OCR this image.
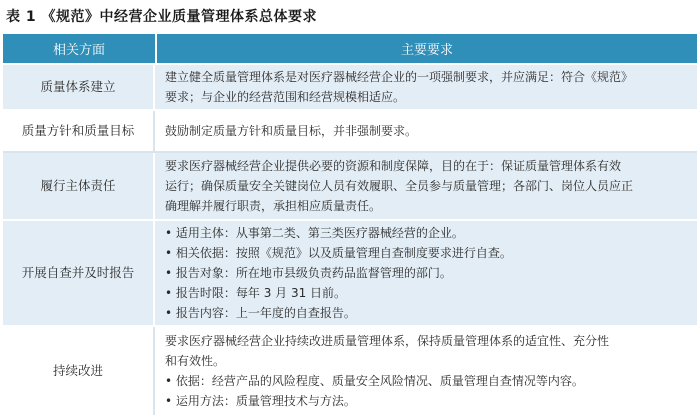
表 1 《规范》中经营企业质量管理体系总体要求
相关方面	主要要求
质量体系建立
建立健全质量管理体系是对医疗器械经营企业的一项强制要求，并应满足：符合《规范》
要求；与企业的经营范围和经营规模相适应。
质量方针和质量目标	鼓励制定质量方针和质量目标，并非强制要求。
履行主体责任
要求医疗器械经营企业提供必要的资源和制度保障，目的在于：保证质量管理体系有效
运行；确保质量安全关键岗位人员有效履职、全员参与质量管理；各部门、岗位人员应正
确理解并履行职责，承担相应质量责任。
开展自查并及时报告
• 适用主体：从事第二类、第三类医疗器械经营的企业。
• 相关依据：按照《规范》以及质量管理自查制度要求进行自查。
• 报告对象：所在地市县级负责药品监督管理的部门。
• 报告时限：每年 3 月 31 日前。
• 报告内容：上一年度的自查报告。
持续改进
要求医疗器械经营企业持续改进质量管理体系，保持质量管理体系的适宜性、充分性
和有效性。
• 依据：经营产品的风险程度、质量安全风险情况、质量管理自查情况等内容。
• 运用方法：质量管理技术与方法。
